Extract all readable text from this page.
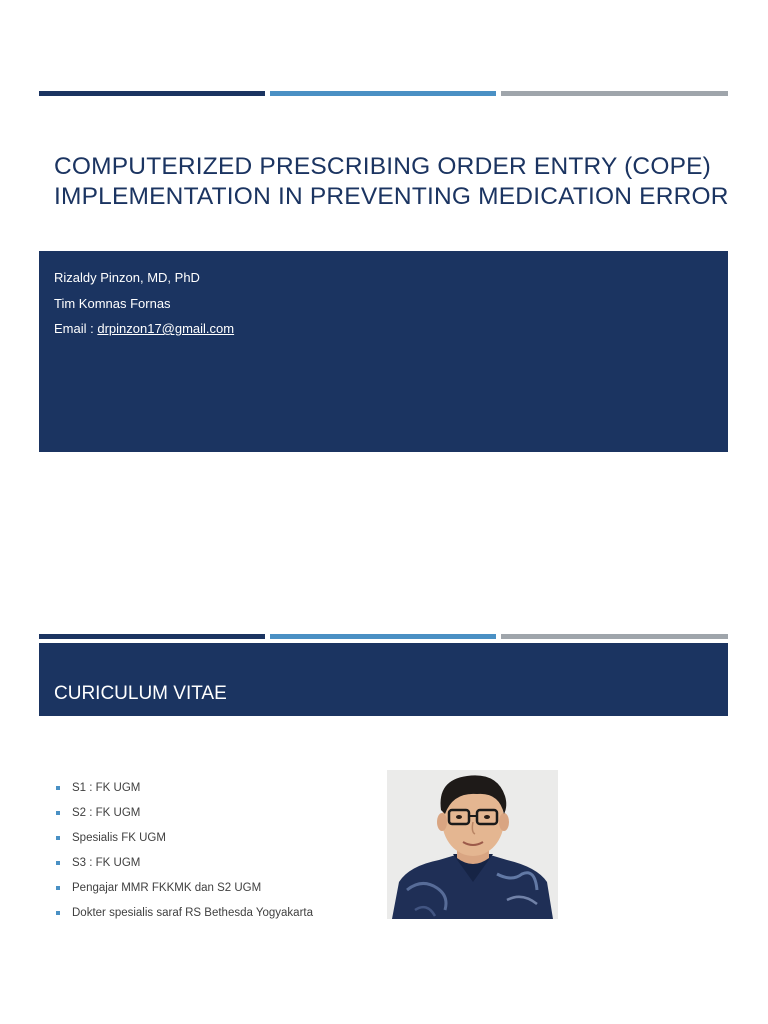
COMPUTERIZED PRESCRIBING ORDER ENTRY (COPE)
IMPLEMENTATION IN PREVENTING MEDICATION ERROR
Rizaldy Pinzon, MD, PhD
Tim Komnas Fornas
Email : drpinzon17@gmail.com
CURICULUM VITAE
S1 : FK UGM
S2 : FK UGM
Spesialis FK UGM
S3 : FK UGM
Pengajar MMR FKKMK dan S2 UGM
Dokter spesialis saraf RS Bethesda Yogyakarta
